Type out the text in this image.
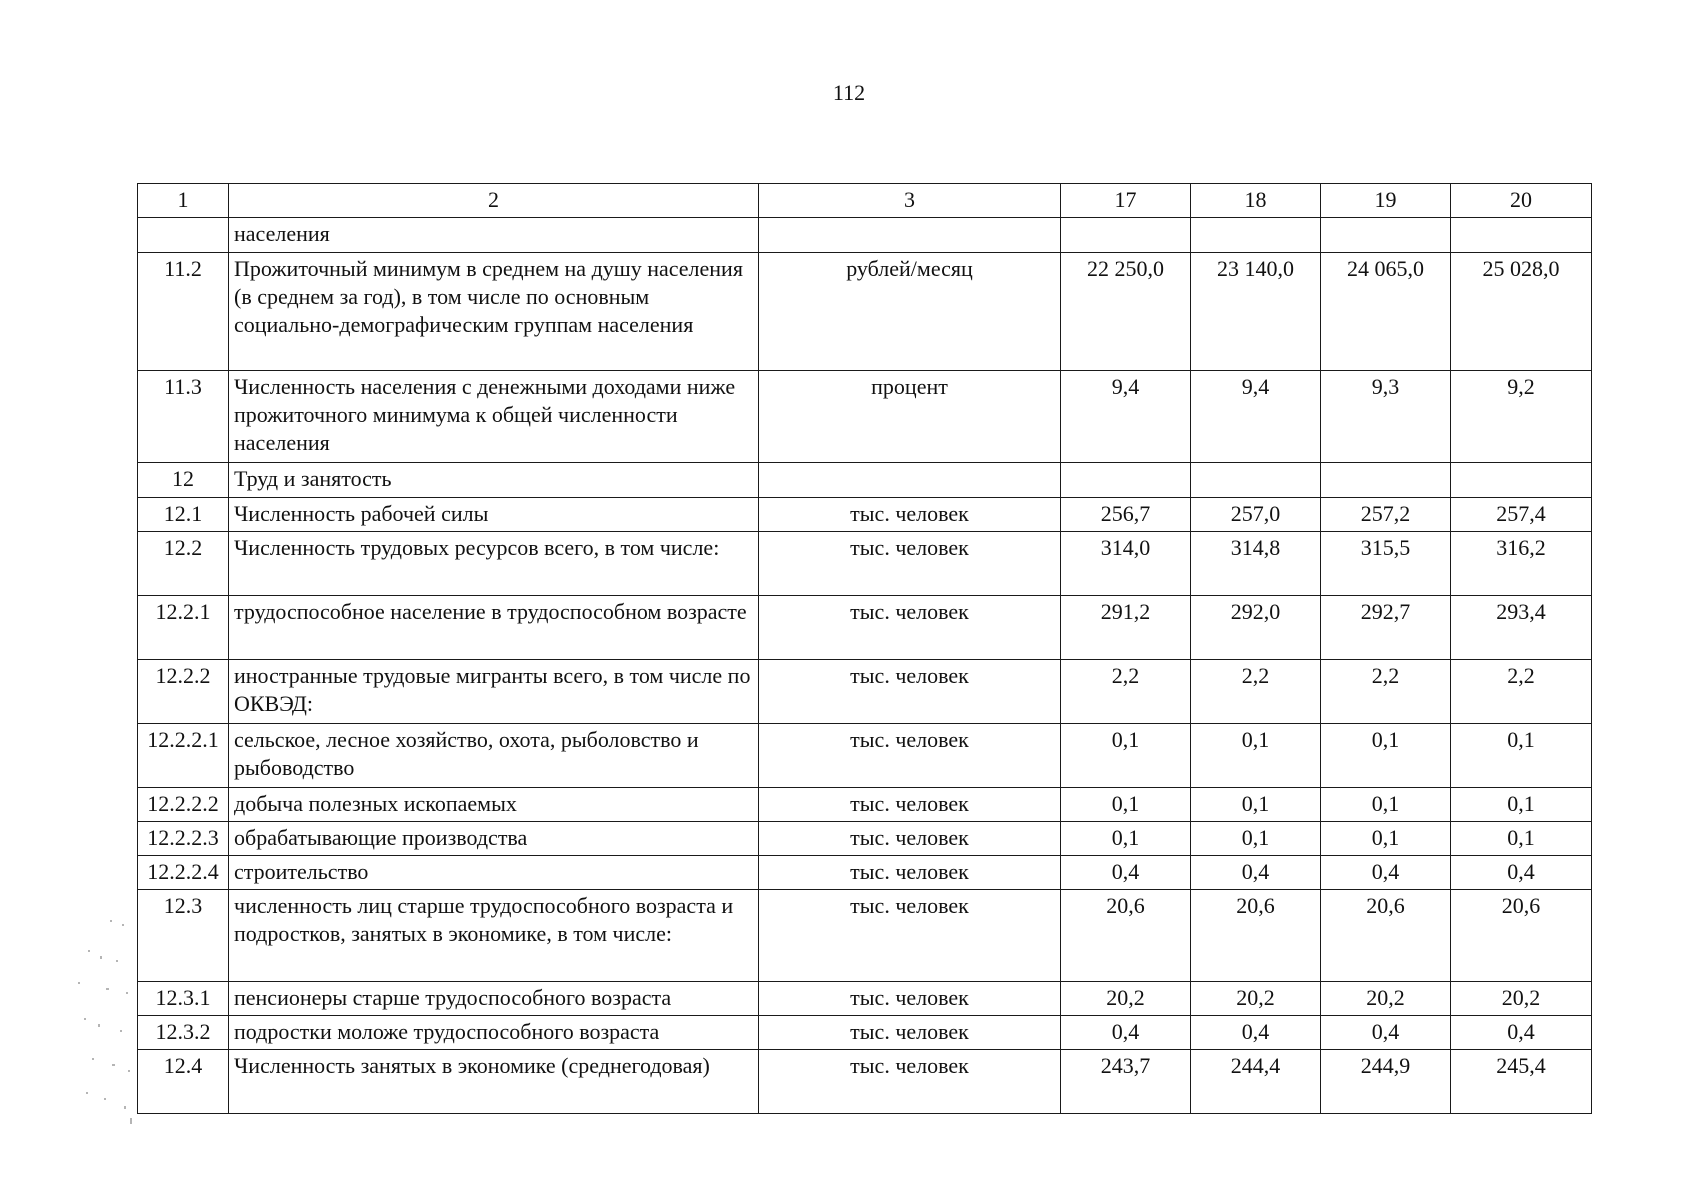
112
1	2	3	17	18	19	20
	населения					
11.2	Прожиточный минимум в среднем на душу населения (в среднем за год), в том числе по основным социально-демографическим группам населения	рублей/месяц	22 250,0	23 140,0	24 065,0	25 028,0
11.3	Численность населения с денежными доходами ниже прожиточного минимума к общей численности населения	процент	9,4	9,4	9,3	9,2
12	Труд и занятость					
12.1	Численность рабочей силы	тыс. человек	256,7	257,0	257,2	257,4
12.2	Численность трудовых ресурсов всего, в том числе:	тыс. человек	314,0	314,8	315,5	316,2
12.2.1	трудоспособное население в трудоспособном возрасте	тыс. человек	291,2	292,0	292,7	293,4
12.2.2	иностранные трудовые мигранты всего, в том числе по ОКВЭД:	тыс. человек	2,2	2,2	2,2	2,2
12.2.2.1	сельское, лесное хозяйство, охота, рыболовство и рыбоводство	тыс. человек	0,1	0,1	0,1	0,1
12.2.2.2	добыча полезных ископаемых	тыс. человек	0,1	0,1	0,1	0,1
12.2.2.3	обрабатывающие производства	тыс. человек	0,1	0,1	0,1	0,1
12.2.2.4	строительство	тыс. человек	0,4	0,4	0,4	0,4
12.3	численность лиц старше трудоспособного возраста и подростков, занятых в экономике, в том числе:	тыс. человек	20,6	20,6	20,6	20,6
12.3.1	пенсионеры старше трудоспособного возраста	тыс. человек	20,2	20,2	20,2	20,2
12.3.2	подростки моложе трудоспособного возраста	тыс. человек	0,4	0,4	0,4	0,4
12.4	Численность занятых в экономике (среднегодовая)	тыс. человек	243,7	244,4	244,9	245,4
